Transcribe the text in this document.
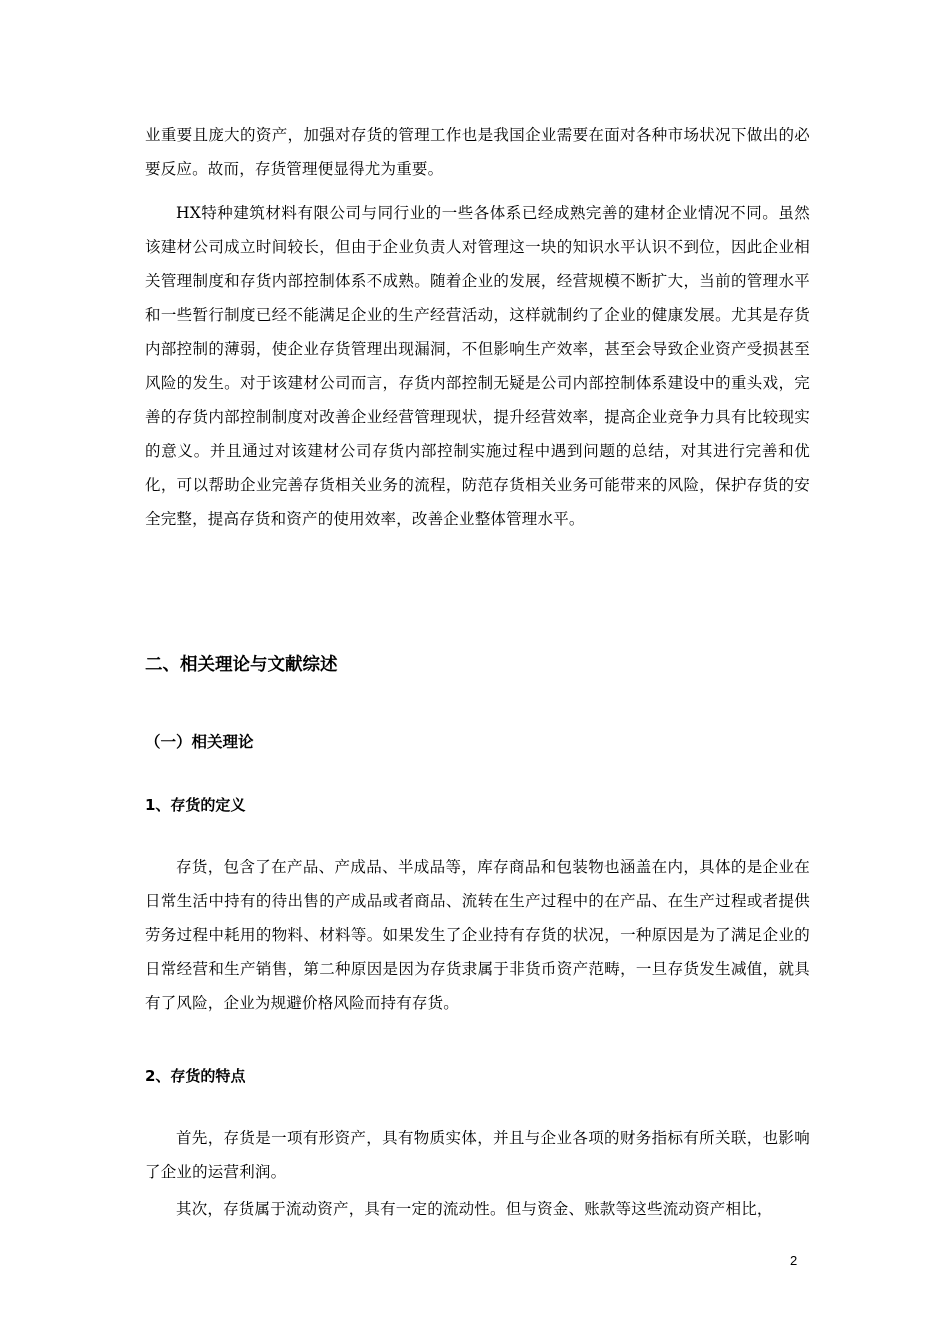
业重要且庞大的资产，加强对存货的管理工作也是我国企业需要在面对各种市场状况下做出的必要反应。故而，存货管理便显得尤为重要。

HX特种建筑材料有限公司与同行业的一些各体系已经成熟完善的建材企业情况不同。虽然该建材公司成立时间较长，但由于企业负责人对管理这一块的知识水平认识不到位，因此企业相关管理制度和存货内部控制体系不成熟。随着企业的发展，经营规模不断扩大，当前的管理水平和一些暂行制度已经不能满足企业的生产经营活动，这样就制约了企业的健康发展。尤其是存货内部控制的薄弱，使企业存货管理出现漏洞，不但影响生产效率，甚至会导致企业资产受损甚至风险的发生。对于该建材公司而言，存货内部控制无疑是公司内部控制体系建设中的重头戏，完善的存货内部控制制度对改善企业经营管理现状，提升经营效率，提高企业竞争力具有比较现实的意义。并且通过对该建材公司存货内部控制实施过程中遇到问题的总结，对其进行完善和优化，可以帮助企业完善存货相关业务的流程，防范存货相关业务可能带来的风险，保护存货的安全完整，提高存货和资产的使用效率，改善企业整体管理水平。

二、相关理论与文献综述
（一）相关理论
1、存货的定义

存货，包含了在产品、产成品、半成品等，库存商品和包装物也涵盖在内，具体的是企业在日常生活中持有的待出售的产成品或者商品、流转在生产过程中的在产品、在生产过程或者提供劳务过程中耗用的物料、材料等。如果发生了企业持有存货的状况，一种原因是为了满足企业的日常经营和生产销售，第二种原因是因为存货隶属于非货币资产范畴，一旦存货发生减值，就具有了风险，企业为规避价格风险而持有存货。

2、存货的特点

首先，存货是一项有形资产，具有物质实体，并且与企业各项的财务指标有所关联，也影响了企业的运营利润。

其次，存货属于流动资产，具有一定的流动性。但与资金、账款等这些流动资产相比，

2
